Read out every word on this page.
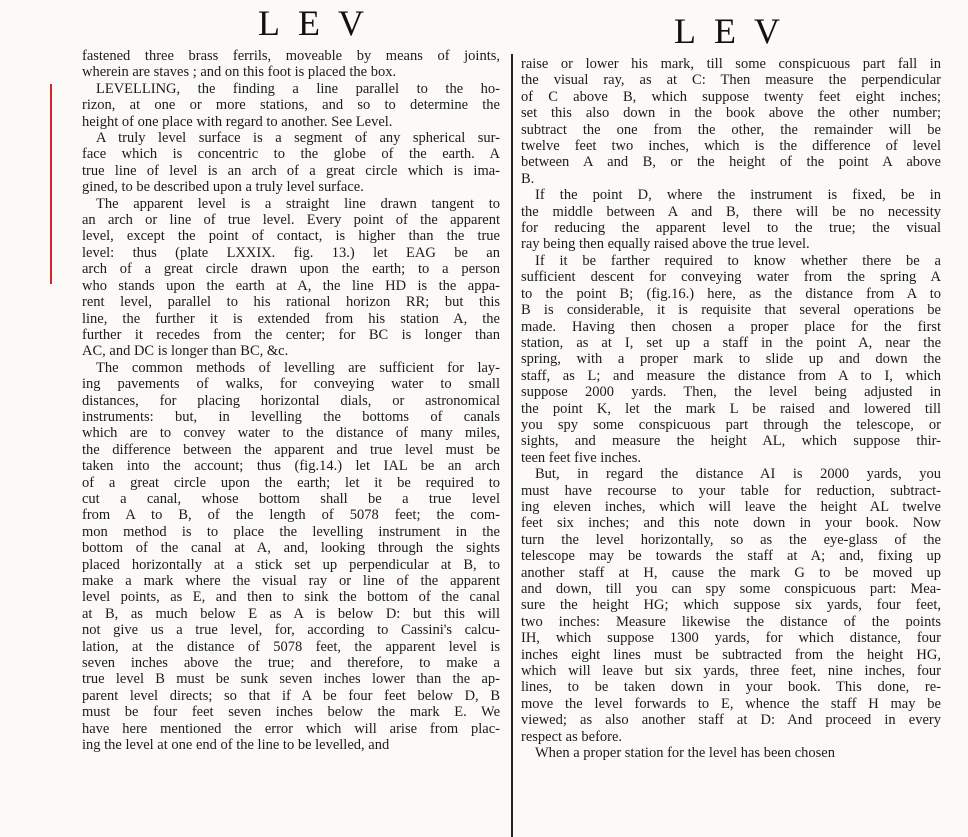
LEV	LEV
fastened three brass ferrils, moveable by means of joints,
wherein are staves ; and on this foot is placed the box.
LEVELLING, the finding a line parallel to the ho-
rizon, at one or more stations, and so to determine the
height of one place with regard to another. See Level.
A truly level surface is a segment of any spherical sur-
face which is concentric to the globe of the earth. A
true line of level is an arch of a great circle which is ima-
gined, to be described upon a truly level surface.
The apparent level is a straight line drawn tangent to
an arch or line of true level. Every point of the apparent
level, except the point of contact, is higher than the true
level: thus (plate LXXIX. fig. 13.) let EAG be an
arch of a great circle drawn upon the earth; to a person
who stands upon the earth at A, the line HD is the appa-
rent level, parallel to his rational horizon RR; but this
line, the further it is extended from his station A, the
further it recedes from the center; for BC is longer than
AC, and DC is longer than BC, &c.
The common methods of levelling are sufficient for lay-
ing pavements of walks, for conveying water to small
distances, for placing horizontal dials, or astronomical
instruments: but, in levelling the bottoms of canals
which are to convey water to the distance of many miles,
the difference between the apparent and true level must be
taken into the account; thus (fig.14.) let IAL be an arch
of a great circle upon the earth; let it be required to
cut a canal, whose bottom shall be a true level
from A to B, of the length of 5078 feet; the com-
mon method is to place the levelling instrument in the
bottom of the canal at A, and, looking through the sights
placed horizontally at a stick set up perpendicular at B, to
make a mark where the visual ray or line of the apparent
level points, as E, and then to sink the bottom of the canal
at B, as much below E as A is below D: but this will
not give us a true level, for, according to Cassini's calcu-
lation, at the distance of 5078 feet, the apparent level is
seven inches above the true; and therefore, to make a
true level B must be sunk seven inches lower than the ap-
parent level directs; so that if A be four feet below D, B
must be four feet seven inches below the mark E. We
have here mentioned the error which will arise from plac-
ing the level at one end of the line to be levelled, and
raise or lower his mark, till some conspicuous part fall in
the visual ray, as at C: Then measure the perpendicular
of C above B, which suppose twenty feet eight inches;
set this also down in the book above the other number;
subtract the one from the other, the remainder will be
twelve feet two inches, which is the difference of level
between A and B, or the height of the point A above
B.
If the point D, where the instrument is fixed, be in
the middle between A and B, there will be no necessity
for reducing the apparent level to the true; the visual
ray being then equally raised above the true level.
If it be farther required to know whether there be a
sufficient descent for conveying water from the spring A
to the point B; (fig.16.) here, as the distance from A to
B is considerable, it is requisite that several operations be
made. Having then chosen a proper place for the first
station, as at I, set up a staff in the point A, near the
spring, with a proper mark to slide up and down the
staff, as L; and measure the distance from A to I, which
suppose 2000 yards. Then, the level being adjusted in
the point K, let the mark L be raised and lowered till
you spy some conspicuous part through the telescope, or
sights, and measure the height AL, which suppose thir-
teen feet five inches.
But, in regard the distance AI is 2000 yards, you
must have recourse to your table for reduction, subtract-
ing eleven inches, which will leave the height AL twelve
feet six inches; and this note down in your book. Now
turn the level horizontally, so as the eye-glass of the
telescope may be towards the staff at A; and, fixing up
another staff at H, cause the mark G to be moved up
and down, till you can spy some conspicuous part: Mea-
sure the height HG; which suppose six yards, four feet,
two inches: Measure likewise the distance of the points
IH, which suppose 1300 yards, for which distance, four
inches eight lines must be subtracted from the height HG,
which will leave but six yards, three feet, nine inches, four
lines, to be taken down in your book. This done, re-
move the level forwards to E, whence the staff H may be
viewed; as also another staff at D: And proceed in every
respect as before.
When a proper station for the level has been chosen
